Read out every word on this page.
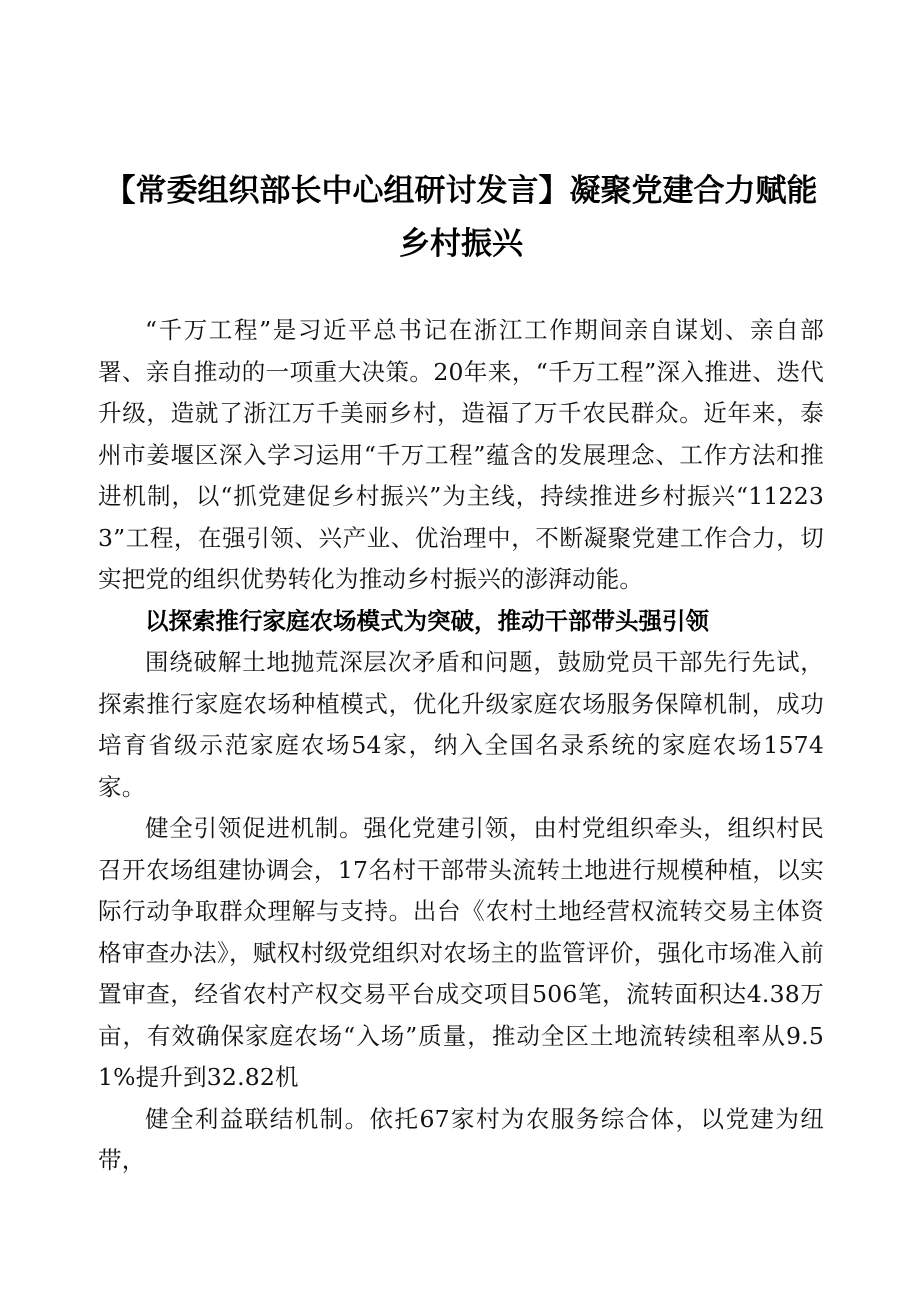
【常委组织部长中心组研讨发言】凝聚党建合力赋能乡村振兴

“千万工程”是习近平总书记在浙江工作期间亲自谋划、亲自部署、亲自推动的一项重大决策。20年来，“千万工程”深入推进、迭代升级，造就了浙江万千美丽乡村，造福了万千农民群众。近年来，泰州市姜堰区深入学习运用“千万工程”蕴含的发展理念、工作方法和推进机制，以“抓党建促乡村振兴”为主线，持续推进乡村振兴“112233”工程，在强引领、兴产业、优治理中，不断凝聚党建工作合力，切实把党的组织优势转化为推动乡村振兴的澎湃动能。

以探索推行家庭农场模式为突破，推动干部带头强引领

围绕破解土地抛荒深层次矛盾和问题，鼓励党员干部先行先试，探索推行家庭农场种植模式，优化升级家庭农场服务保障机制，成功培育省级示范家庭农场54家，纳入全国名录系统的家庭农场1574家。

健全引领促进机制。强化党建引领，由村党组织牵头，组织村民召开农场组建协调会，17名村干部带头流转土地进行规模种植，以实际行动争取群众理解与支持。出台《农村土地经营权流转交易主体资格审查办法》，赋权村级党组织对农场主的监管评价，强化市场准入前置审查，经省农村产权交易平台成交项目506笔，流转面积达4.38万亩，有效确保家庭农场“入场”质量，推动全区土地流转续租率从9.51%提升到32.82机

健全利益联结机制。依托67家村为农服务综合体，以党建为纽带，
